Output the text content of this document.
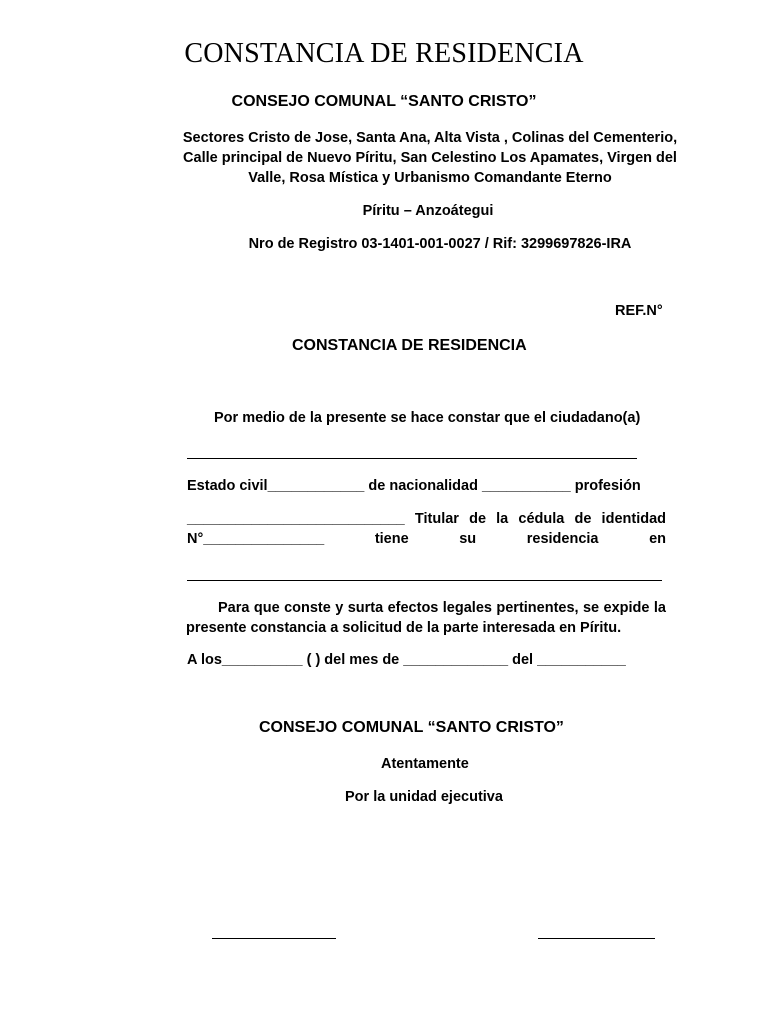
CONSTANCIA DE RESIDENCIA
CONSEJO COMUNAL “SANTO CRISTO”
Sectores Cristo de Jose, Santa Ana, Alta Vista , Colinas del Cementerio, Calle principal de Nuevo Píritu, San Celestino Los Apamates, Virgen del Valle, Rosa Mística y Urbanismo Comandante Eterno
Píritu – Anzoátegui
Nro de Registro 03-1401-001-0027 / Rif: 3299697826-IRA
REF.N°
CONSTANCIA DE RESIDENCIA
Por medio de la presente se hace constar que el ciudadano(a)
Estado civil____________ de nacionalidad ___________ profesión
___________________________ Titular de la cédula de identidad
N°_______________ tiene su residencia en
Para que conste y surta efectos legales pertinentes, se expide la presente constancia a solicitud de la parte interesada en Píritu.
A los__________ ( ) del mes de _____________ del ___________
CONSEJO COMUNAL “SANTO CRISTO”
Atentamente
Por la unidad ejecutiva
